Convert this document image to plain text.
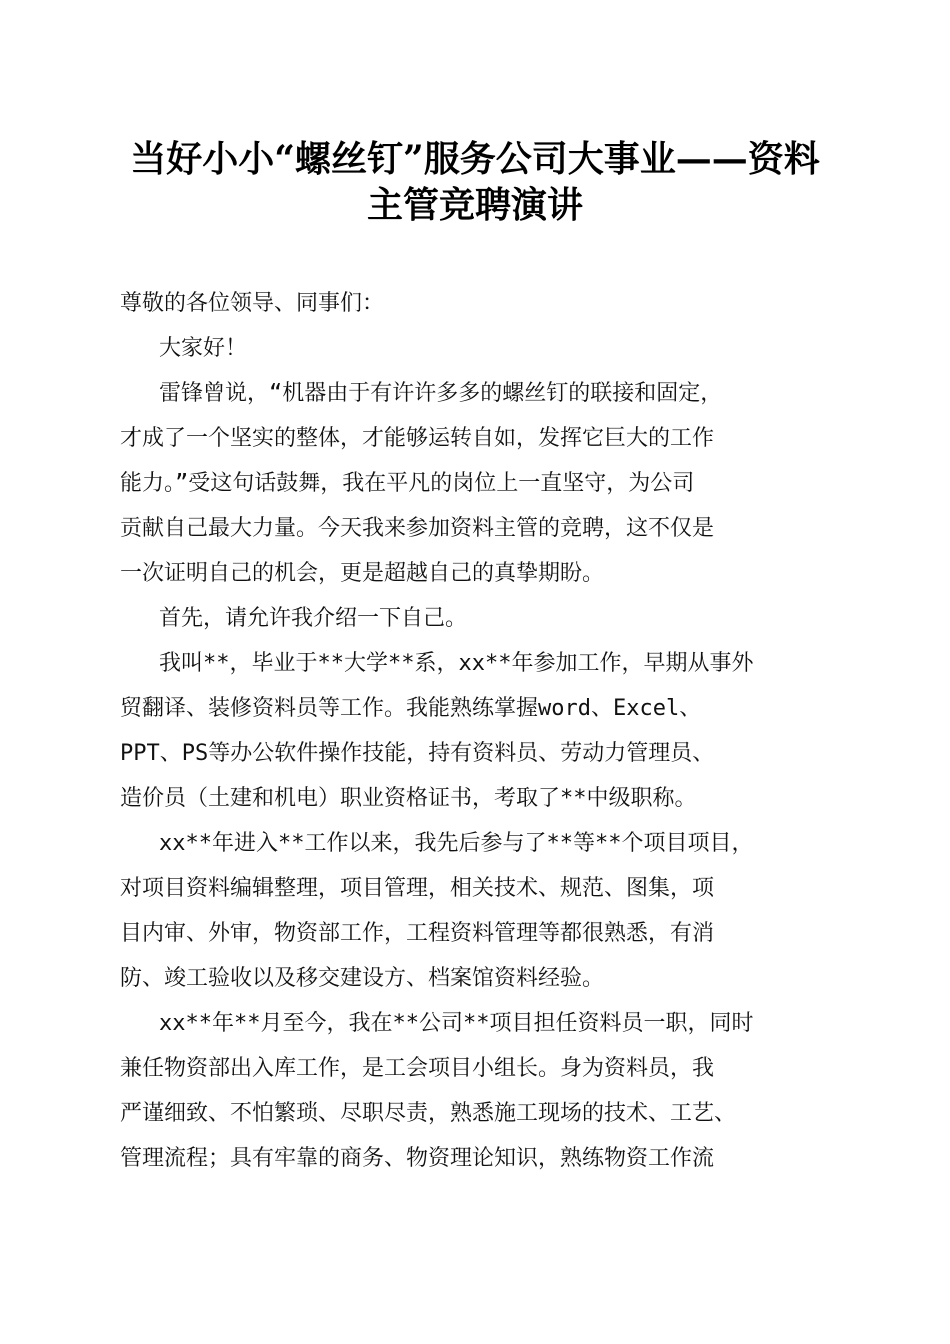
当好小小“螺丝钉”服务公司大事业——资料
主管竞聘演讲

尊敬的各位领导、同事们：

大家好！

雷锋曾说，“机器由于有许许多多的螺丝钉的联接和固定，
才成了一个坚实的整体，才能够运转自如，发挥它巨大的工作
能力。”受这句话鼓舞，我在平凡的岗位上一直坚守，为公司
贡献自己最大力量。今天我来参加资料主管的竞聘，这不仅是
一次证明自己的机会，更是超越自己的真挚期盼。

首先，请允许我介绍一下自己。

我叫**，毕业于**大学**系，xx**年参加工作，早期从事外
贸翻译、装修资料员等工作。我能熟练掌握word、Excel、
PPT、PS等办公软件操作技能，持有资料员、劳动力管理员、
造价员（土建和机电）职业资格证书，考取了**中级职称。

xx**年进入**工作以来，我先后参与了**等**个项目项目，
对项目资料编辑整理，项目管理，相关技术、规范、图集，项
目内审、外审，物资部工作，工程资料管理等都很熟悉，有消
防、竣工验收以及移交建设方、档案馆资料经验。

xx**年**月至今，我在**公司**项目担任资料员一职，同时
兼任物资部出入库工作，是工会项目小组长。身为资料员，我
严谨细致、不怕繁琐、尽职尽责，熟悉施工现场的技术、工艺、
管理流程；具有牢靠的商务、物资理论知识，熟练物资工作流
